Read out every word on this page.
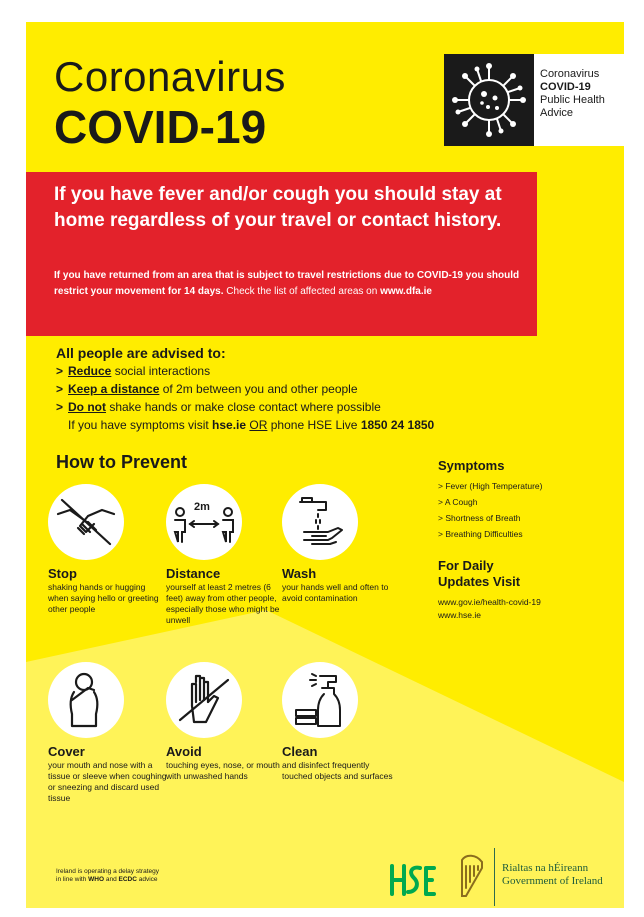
Coronavirus
COVID-19
Coronavirus
COVID-19
Public Health
Advice
If you have fever and/or cough you should stay at home regardless of your travel or contact history.
If you have returned from an area that is subject to travel restrictions due to COVID-19 you should restrict your movement for 14 days. Check the list of affected areas on www.dfa.ie
All people are advised to:
> Reduce social interactions
> Keep a distance of 2m between you and other people
> Do not shake hands or make close contact where possible
If you have symptoms visit hse.ie OR phone HSE Live 1850 24 1850
How to Prevent
Stop
shaking hands or hugging when saying hello or greeting other people
2m
Distance
yourself at least 2 metres (6 feet) away from other people, especially those who might be unwell
Wash
your hands well and often to avoid contamination
Cover
your mouth and nose with a tissue or sleeve when coughing or sneezing and discard used tissue
Avoid
touching eyes, nose, or mouth with unwashed hands
Clean
and disinfect frequently touched objects and surfaces
Symptoms
> Fever (High Temperature)
> A Cough
> Shortness of Breath
> Breathing Difficulties
For Daily
Updates Visit
www.gov.ie/health-covid-19
www.hse.ie
Ireland is operating a delay strategy
in line with WHO and ECDC advice
Rialtas na hÉireann
Government of Ireland
